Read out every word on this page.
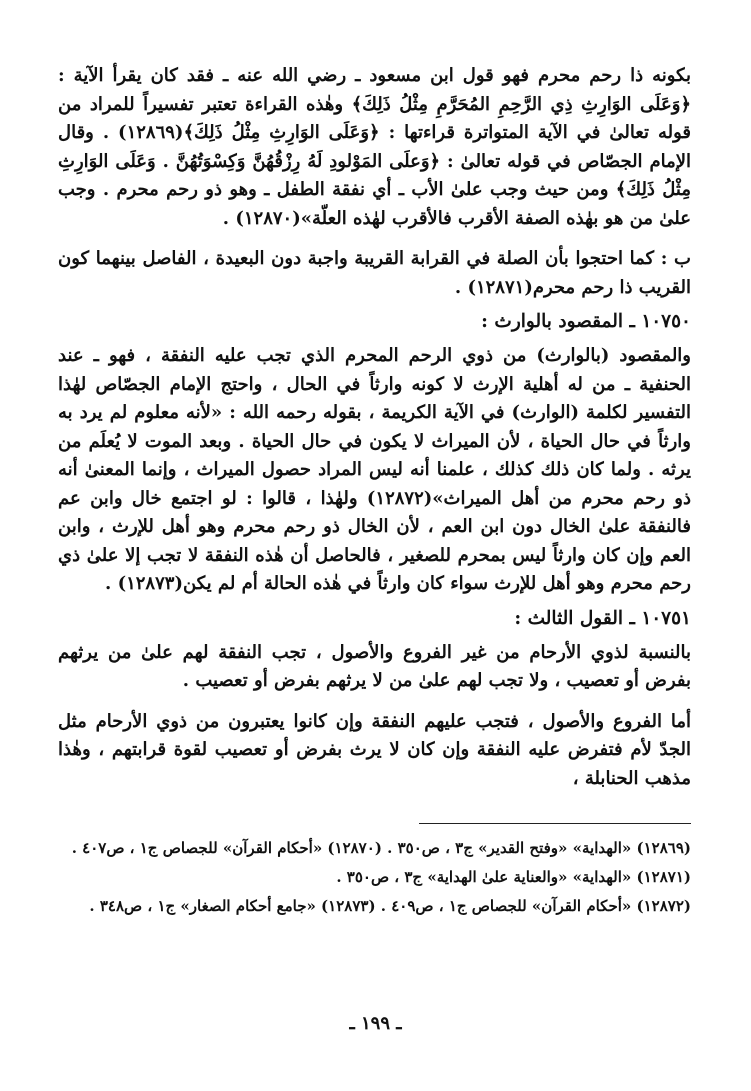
بكونه ذا رحم محرم فهو قول ابن مسعود ـ رضي الله عنه ـ فقد كان يقرأ الآية : ﴿وَعَلَى الوَارِثِ ذِي الرَّحِمِ المُحَرَّمِ مِثْلُ ذَلِكَ﴾ وهٰذه القراءة تعتبر تفسيراً للمراد من قوله تعالىٰ في الآية المتواترة قراءتها : ﴿وَعَلَى الوَارِثِ مِثْلُ ذَلِكَ﴾(١٢٨٦٩) . وقال الإمام الجصّاص في قوله تعالىٰ : ﴿وَعلَى المَوْلودِ لَهُ رِزْقُهُنَّ وَكِسْوَتُهُنَّ . وَعَلَى الوَارِثِ مِثْلُ ذَلِكَ﴾ ومن حيث وجب علىٰ الأب ـ أي نفقة الطفل ـ وهو ذو رحم محرم . وجب علىٰ من هو بهٰذه الصفة الأقرب فالأقرب لهٰذه العلّة»(١٢٨٧٠) .

ب : كما احتجوا بأن الصلة في القرابة القريبة واجبة دون البعيدة ، الفاصل بينهما كون القريب ذا رحم محرم(١٢٨٧١) .

١٠٧٥٠ ـ المقصود بالوارث :

والمقصود (بالوارث) من ذوي الرحم المحرم الذي تجب عليه النفقة ، فهو ـ عند الحنفية ـ من له أهلية الإرث لا كونه وارثاً في الحال ، واحتج الإمام الجصّاص لهٰذا التفسير لكلمة (الوارث) في الآية الكريمة ، بقوله رحمه الله : «لأنه معلوم لم يرد به وارثاً في حال الحياة ، لأن الميراث لا يكون في حال الحياة . وبعد الموت لا يُعلَم من يرثه . ولما كان ذلك كذلك ، علمنا أنه ليس المراد حصول الميراث ، وإنما المعنىٰ أنه ذو رحم محرم من أهل الميراث»(١٢٨٧٢) ولهٰذا ، قالوا : لو اجتمع خال وابن عم فالنفقة علىٰ الخال دون ابن العم ، لأن الخال ذو رحم محرم وهو أهل للإرث ، وابن العم وإن كان وارثاً ليس بمحرم للصغير ، فالحاصل أن هٰذه النفقة لا تجب إلا علىٰ ذي رحم محرم وهو أهل للإرث سواء كان وارثاً في هٰذه الحالة أم لم يكن(١٢٨٧٣) .

١٠٧٥١ ـ القول الثالث :

بالنسبة لذوي الأرحام من غير الفروع والأصول ، تجب النفقة لهم علىٰ من يرثهم بفرض أو تعصيب ، ولا تجب لهم علىٰ من لا يرثهم بفرض أو تعصيب .

أما الفروع والأصول ، فتجب عليهم النفقة وإن كانوا يعتبرون من ذوي الأرحام مثل الجدّ لأم فتفرض عليه النفقة وإن كان لا يرث بفرض أو تعصيب لقوة قرابتهم ، وهٰذا مذهب الحنابلة ،

(١٢٨٦٩) «الهداية» «وفتح القدير» ج٣ ، ص٣٥٠ . (١٢٨٧٠) «أحكام القرآن» للجصاص ج١ ، ص٤٠٧ .

(١٢٨٧١) «الهداية» «والعناية علىٰ الهداية» ج٣ ، ص٣٥٠ .

(١٢٨٧٢) «أحكام القرآن» للجصاص ج١ ، ص٤٠٩ . (١٢٨٧٣) «جامع أحكام الصغار» ج١ ، ص٣٤٨ .

ـ ١٩٩ ـ
